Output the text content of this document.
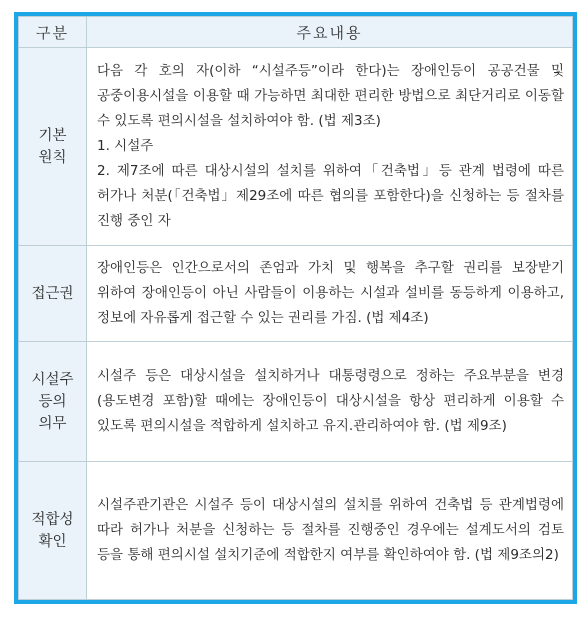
구분	주요내용

기본
원칙	다음 각 호의 자(이하 “시설주등”이라 한다)는 장애인등이 공공건물 및 공중이용시설을 이용할 때 가능하면 최대한 편리한 방법으로 최단거리로 이동할 수 있도록 편의시설을 설치하여야 함. (법 제3조)
1. 시설주
2. 제7조에 따른 대상시설의 설치를 위하여「건축법」등 관계 법령에 따른 허가나 처분(「건축법」제29조에 따른 협의를 포함한다)을 신청하는 등 절차를 진행 중인 자

접근권	장애인등은 인간으로서의 존엄과 가치 및 행복을 추구할 권리를 보장받기 위하여 장애인등이 아닌 사람들이 이용하는 시설과 설비를 동등하게 이용하고, 정보에 자유롭게 접근할 수 있는 권리를 가짐. (법 제4조)

시설주
등의
의무	시설주 등은 대상시설을 설치하거나 대통령령으로 정하는 주요부분을 변경(용도변경 포함)할 때에는 장애인등이 대상시설을 항상 편리하게 이용할 수 있도록 편의시설을 적합하게 설치하고 유지.관리하여야 함. (법 제9조)

적합성
확인	시설주관기관은 시설주 등이 대상시설의 설치를 위하여 건축법 등 관계법령에 따라 허가나 처분을 신청하는 등 절차를 진행중인 경우에는 설계도서의 검토 등을 통해 편의시설 설치기준에 적합한지 여부를 확인하여야 함. (법 제9조의2)
